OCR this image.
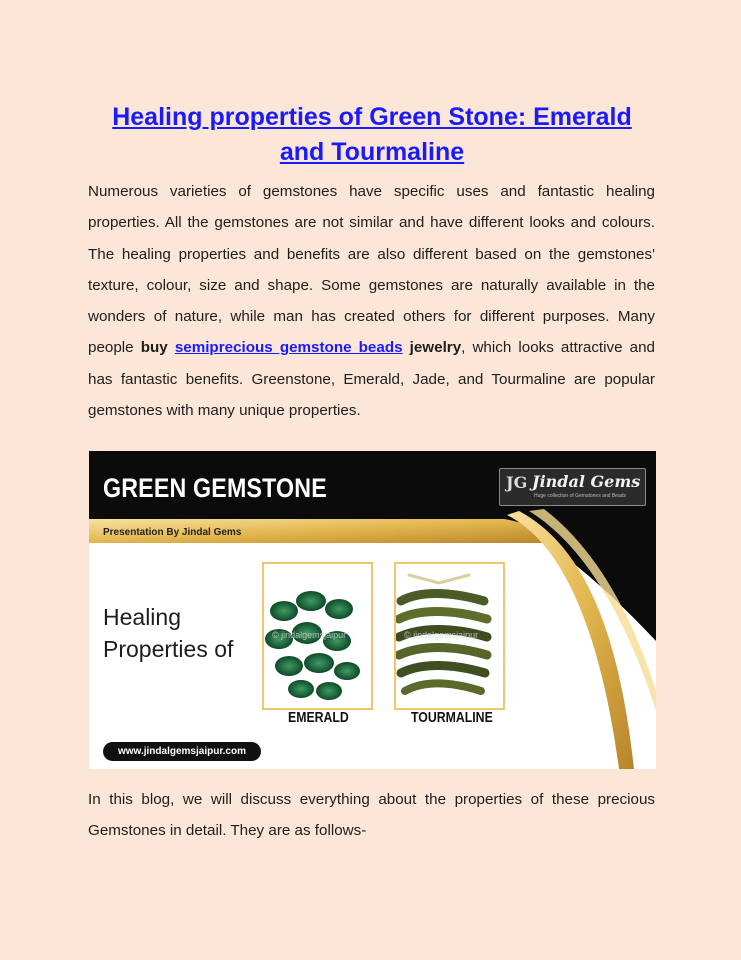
Healing properties of Green Stone: Emerald and Tourmaline
Numerous varieties of gemstones have specific uses and fantastic healing properties. All the gemstones are not similar and have different looks and colours. The healing properties and benefits are also different based on the gemstones' texture, colour, size and shape. Some gemstones are naturally available in the wonders of nature, while man has created others for different purposes. Many people buy semiprecious gemstone beads jewelry, which looks attractive and has fantastic benefits. Greenstone, Emerald, Jade, and Tourmaline are popular gemstones with many unique properties.
GREEN GEMSTONE	JG Jindal Gems
Huge collection of Gemstones and Beads
Presentation By Jindal Gems
Healing
Properties of
© jindalgemsjaipur	© jindalgemsjaipur
EMERALD	TOURMALINE
www.jindalgemsjaipur.com
In this blog, we will discuss everything about the properties of these precious Gemstones in detail. They are as follows-
